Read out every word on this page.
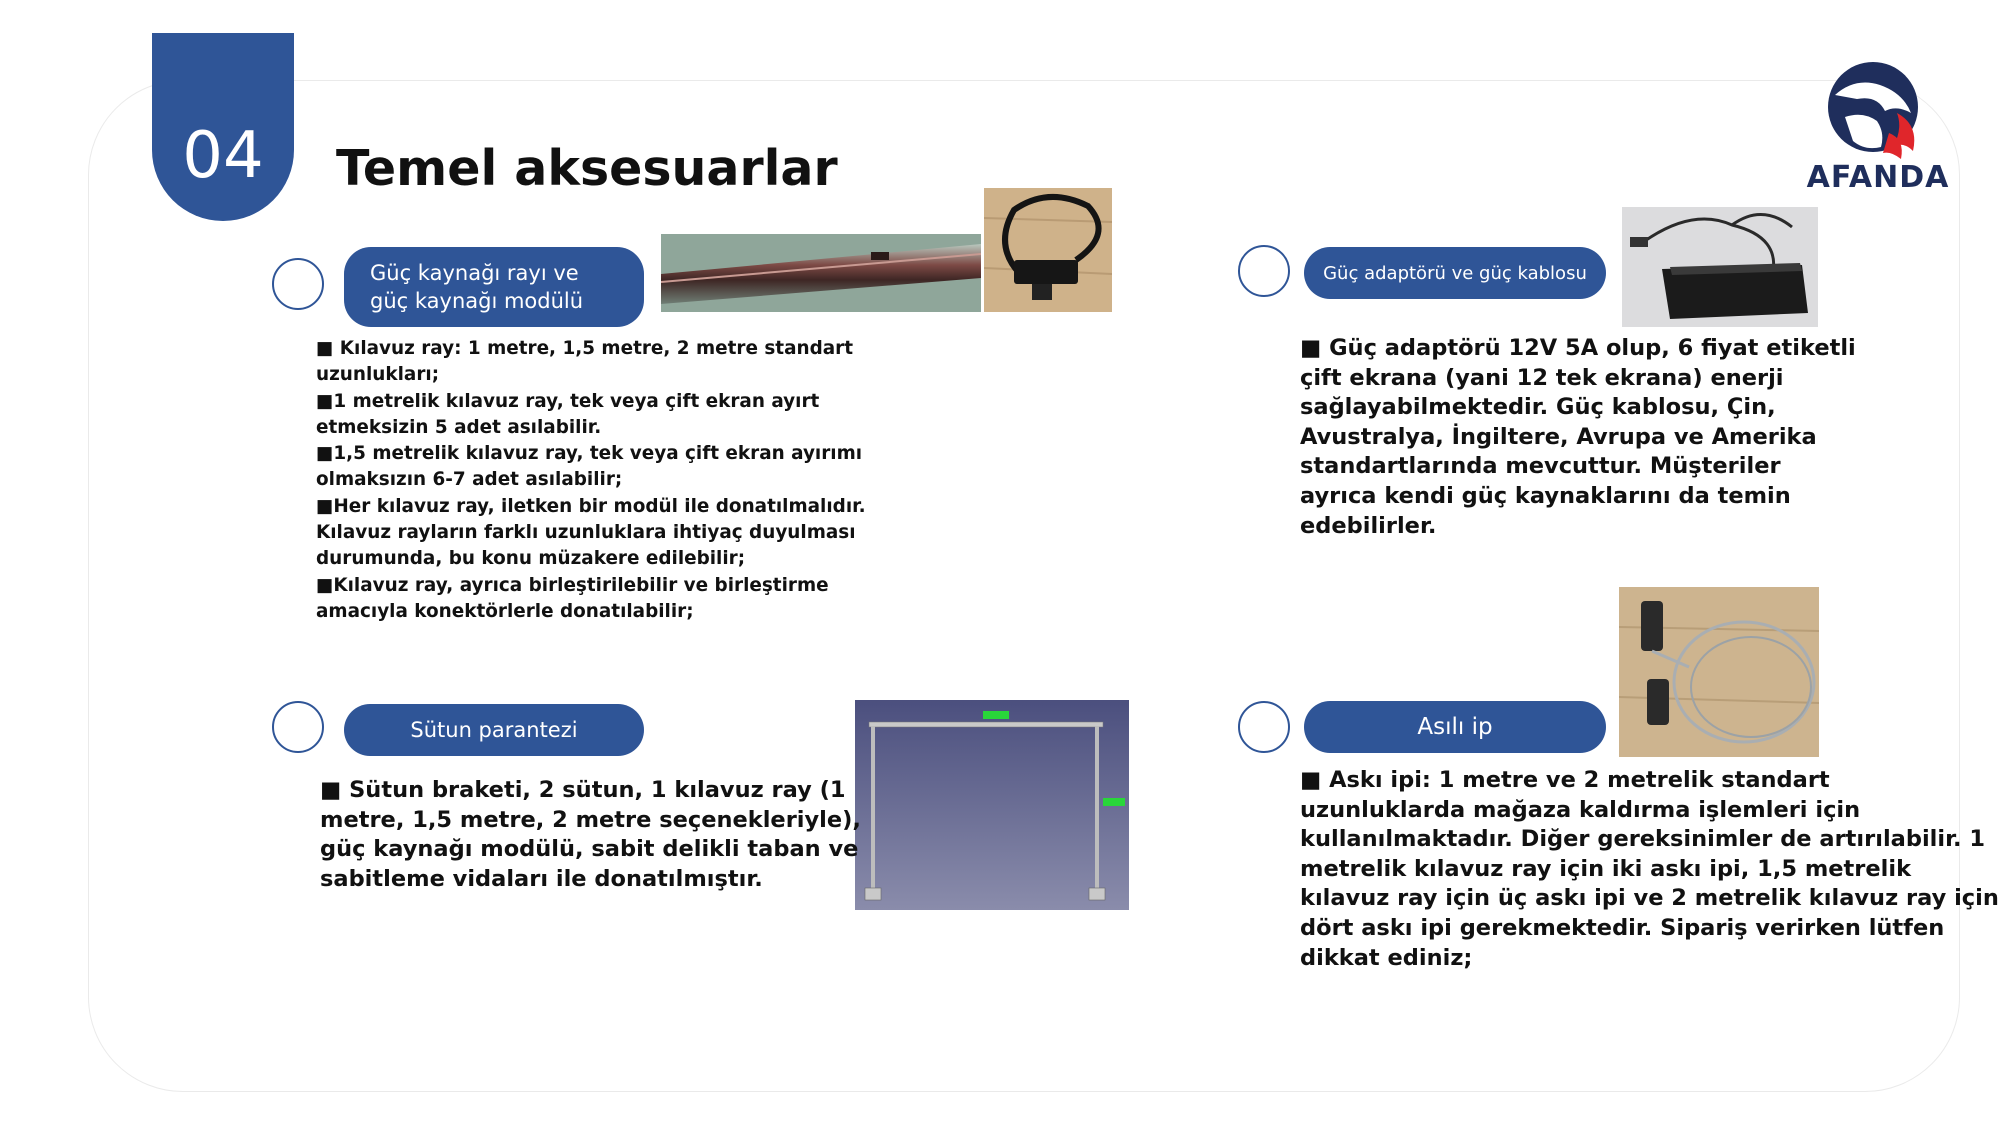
04 Temel aksesuarlar	AFANDA
Güç kaynağı rayı ve
güç kaynağı modülü

■ Kılavuz ray: 1 metre, 1,5 metre, 2 metre standart
uzunlukları;
■1 metrelik kılavuz ray, tek veya çift ekran ayırt
etmeksizin 5 adet asılabilir.
■1,5 metrelik kılavuz ray, tek veya çift ekran ayırımı
olmaksızın 6-7 adet asılabilir;
■Her kılavuz ray, iletken bir modül ile donatılmalıdır.
Kılavuz rayların farklı uzunluklara ihtiyaç duyulması
durumunda, bu konu müzakere edilebilir;
■Kılavuz ray, ayrıca birleştirilebilir ve birleştirme
amacıyla konektörlerle donatılabilir;

Güç adaptörü ve güç kablosu

■ Güç adaptörü 12V 5A olup, 6 fiyat etiketli
çift ekrana (yani 12 tek ekrana) enerji
sağlayabilmektedir. Güç kablosu, Çin,
Avustralya, İngiltere, Avrupa ve Amerika
standartlarında mevcuttur. Müşteriler
ayrıca kendi güç kaynaklarını da temin
edebilirler.

Sütun parantezi

■ Sütun braketi, 2 sütun, 1 kılavuz ray (1
metre, 1,5 metre, 2 metre seçenekleriyle),
güç kaynağı modülü, sabit delikli taban ve
sabitleme vidaları ile donatılmıştır.

Asılı ip

■ Askı ipi: 1 metre ve 2 metrelik standart
uzunluklarda mağaza kaldırma işlemleri için
kullanılmaktadır. Diğer gereksinimler de artırılabilir. 1
metrelik kılavuz ray için iki askı ipi, 1,5 metrelik
kılavuz ray için üç askı ipi ve 2 metrelik kılavuz ray için
dört askı ipi gerekmektedir. Sipariş verirken lütfen
dikkat ediniz;
